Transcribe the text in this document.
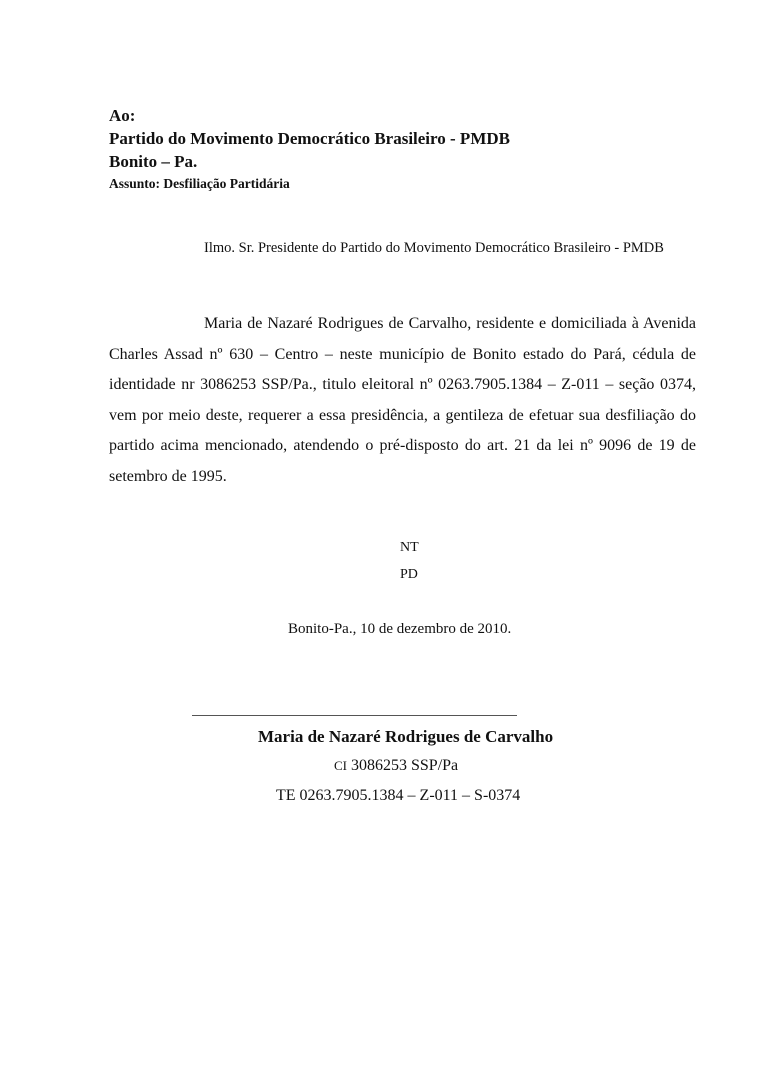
Ao:
Partido do Movimento Democrático Brasileiro - PMDB
Bonito – Pa.
Assunto: Desfiliação Partidária
Ilmo. Sr. Presidente do Partido do Movimento Democrático Brasileiro - PMDB

Maria de Nazaré Rodrigues de Carvalho, residente e domiciliada à Avenida Charles Assad nº 630 – Centro – neste município de Bonito estado do Pará, cédula de identidade nr 3086253 SSP/Pa., titulo eleitoral nº 0263.7905.1384 – Z-011 – seção 0374, vem por meio deste, requerer a essa presidência, a gentileza de efetuar sua desfiliação do partido acima mencionado, atendendo o pré-disposto do art. 21 da lei nº 9096 de 19 de setembro de 1995.

NT
PD
Bonito-Pa., 10 de dezembro de 2010.
Maria de Nazaré Rodrigues de Carvalho
CI 3086253 SSP/Pa
TE 0263.7905.1384 – Z-011 – S-0374
